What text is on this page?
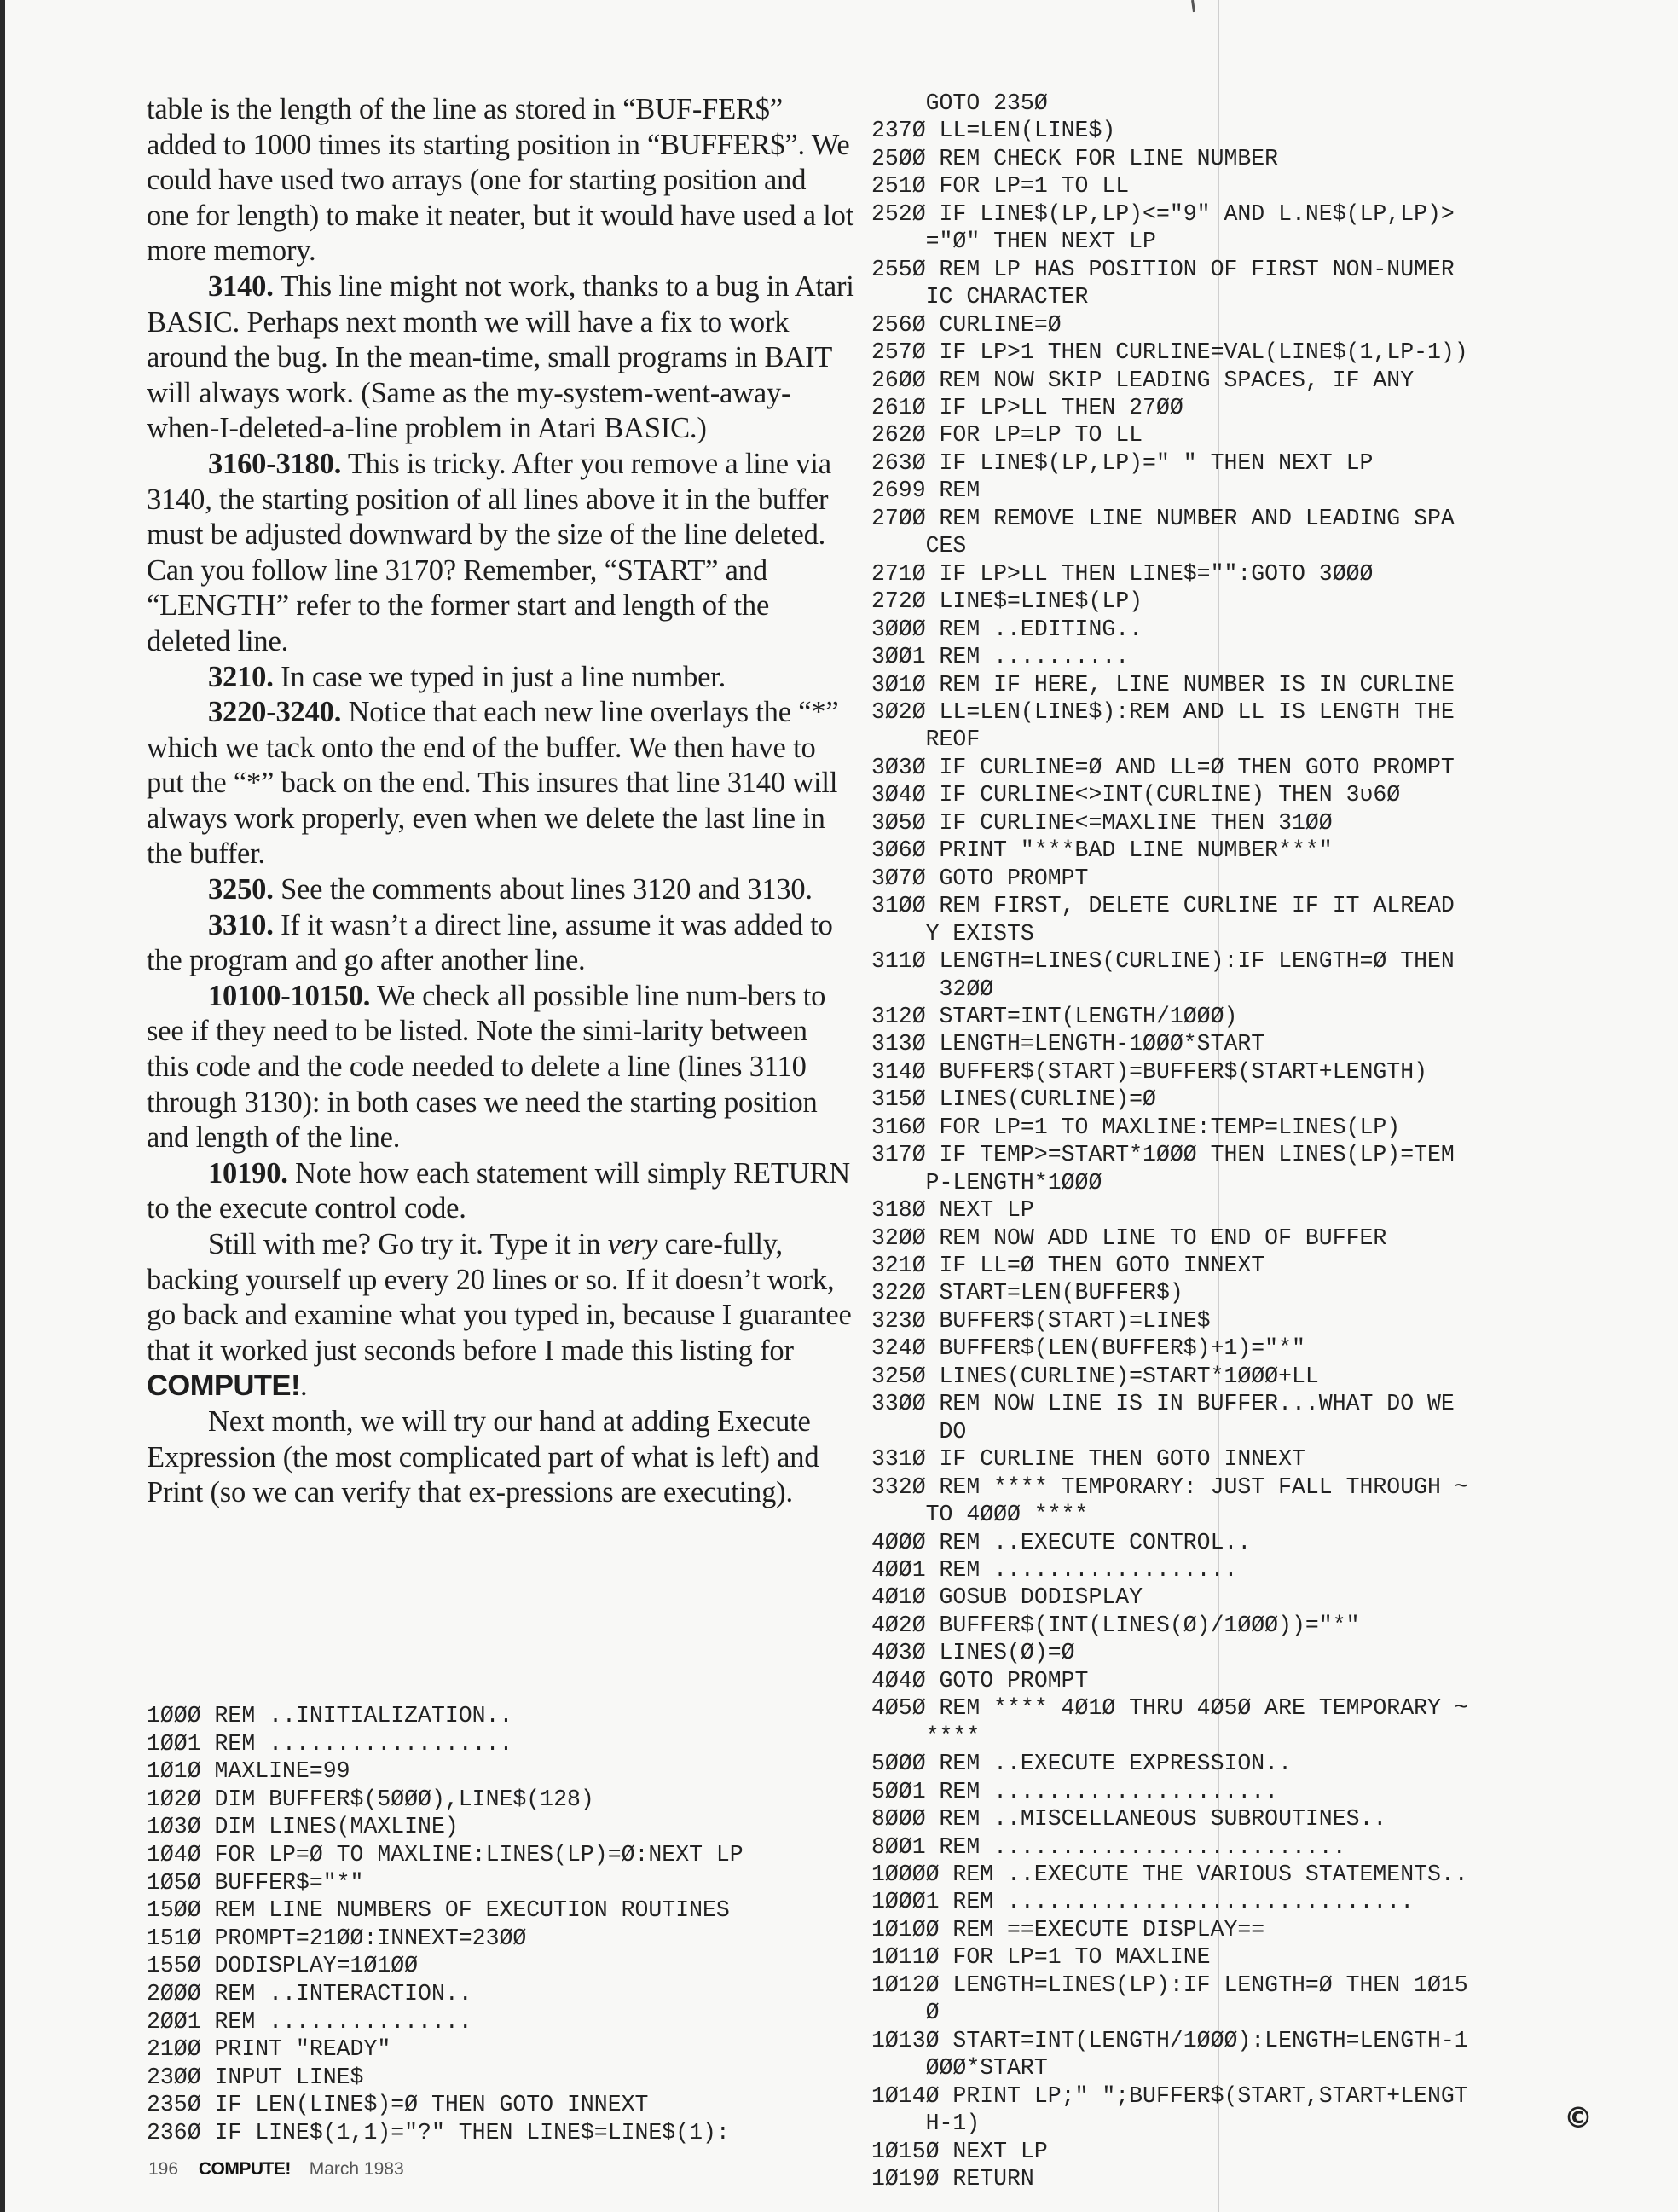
table is the length of the line as stored in “BUF-FER$” added to 1000 times its starting position in “BUFFER$”. We could have used two arrays (one for starting position and one for length) to make it neater, but it would have used a lot more memory.

3140. This line might not work, thanks to a bug in Atari BASIC. Perhaps next month we will have a fix to work around the bug. In the mean-time, small programs in BAIT will always work. (Same as the my-system-went-away-when-I-deleted-a-line problem in Atari BASIC.)

3160-3180. This is tricky. After you remove a line via 3140, the starting position of all lines above it in the buffer must be adjusted downward by the size of the line deleted. Can you follow line 3170? Remember, “START” and “LENGTH” refer to the former start and length of the deleted line.

3210. In case we typed in just a line number.

3220-3240. Notice that each new line overlays the “*” which we tack onto the end of the buffer. We then have to put the “*” back on the end. This insures that line 3140 will always work properly, even when we delete the last line in the buffer.

3250. See the comments about lines 3120 and 3130.

3310. If it wasn’t a direct line, assume it was added to the program and go after another line.

10100-10150. We check all possible line num-bers to see if they need to be listed. Note the simi-larity between this code and the code needed to delete a line (lines 3110 through 3130): in both cases we need the starting position and length of the line.

10190. Note how each statement will simply RETURN to the execute control code.

Still with me? Go try it. Type it in very care-fully, backing yourself up every 20 lines or so. If it doesn’t work, go back and examine what you typed in, because I guarantee that it worked just seconds before I made this listing for COMPUTE!.

Next month, we will try our hand at adding Execute Expression (the most complicated part of what is left) and Print (so we can verify that ex-pressions are executing).

1ØØØ REM ..INITIALIZATION..
1ØØ1 REM ..................
1Ø1Ø MAXLINE=99
1Ø2Ø DIM BUFFER$(5ØØØ),LINE$(128)
1Ø3Ø DIM LINES(MAXLINE)
1Ø4Ø FOR LP=Ø TO MAXLINE:LINES(LP)=Ø:NEXT LP
1Ø5Ø BUFFER$="*"
15ØØ REM LINE NUMBERS OF EXECUTION ROUTINES
151Ø PROMPT=21ØØ:INNEXT=23ØØ
155Ø DODISPLAY=1Ø1ØØ
2ØØØ REM ..INTERACTION..
2ØØ1 REM ...............
21ØØ PRINT "READY"
23ØØ INPUT LINE$
235Ø IF LEN(LINE$)=Ø THEN GOTO INNEXT
236Ø IF LINE$(1,1)="?" THEN LINE$=LINE$(1):
GOTO 235Ø
237Ø LL=LEN(LINE$)
25ØØ REM CHECK FOR LINE NUMBER
251Ø FOR LP=1 TO LL
252Ø IF LINE$(LP,LP)<="9" AND L.NE$(LP,LP)>
="Ø" THEN NEXT LP
255Ø REM LP HAS POSITION OF FIRST NON-NUMER
IC CHARACTER
256Ø CURLINE=Ø
257Ø IF LP>1 THEN CURLINE=VAL(LINE$(1,LP-1))
26ØØ REM NOW SKIP LEADING SPACES, IF ANY
261Ø IF LP>LL THEN 27ØØ
262Ø FOR LP=LP TO LL
263Ø IF LINE$(LP,LP)=" " THEN NEXT LP
2699 REM
27ØØ REM REMOVE LINE NUMBER AND LEADING SPA
CES
271Ø IF LP>LL THEN LINE$="":GOTO 3ØØØ
272Ø LINE$=LINE$(LP)
3ØØØ REM ..EDITING..
3ØØ1 REM ..........
3Ø1Ø REM IF HERE, LINE NUMBER IS IN CURLINE
3Ø2Ø LL=LEN(LINE$):REM AND LL IS LENGTH THE
REOF
3Ø3Ø IF CURLINE=Ø AND LL=Ø THEN GOTO PROMPT
3Ø4Ø IF CURLINE<>INT(CURLINE) THEN 3ʋ6Ø
3Ø5Ø IF CURLINE<=MAXLINE THEN 31ØØ
3Ø6Ø PRINT "***BAD LINE NUMBER***"
3Ø7Ø GOTO PROMPT
31ØØ REM FIRST, DELETE CURLINE IF IT ALREAD
Y EXISTS
311Ø LENGTH=LINES(CURLINE):IF LENGTH=Ø THEN
32ØØ
312Ø START=INT(LENGTH/1ØØØ)
313Ø LENGTH=LENGTH-1ØØØ*START
314Ø BUFFER$(START)=BUFFER$(START+LENGTH)
315Ø LINES(CURLINE)=Ø
316Ø FOR LP=1 TO MAXLINE:TEMP=LINES(LP)
317Ø IF TEMP>=START*1ØØØ THEN LINES(LP)=TEM
P-LENGTH*1ØØØ
318Ø NEXT LP
32ØØ REM NOW ADD LINE TO END OF BUFFER
321Ø IF LL=Ø THEN GOTO INNEXT
322Ø START=LEN(BUFFER$)
323Ø BUFFER$(START)=LINE$
324Ø BUFFER$(LEN(BUFFER$)+1)="*"
325Ø LINES(CURLINE)=START*1ØØØ+LL
33ØØ REM NOW LINE IS IN BUFFER...WHAT DO WE
DO
331Ø IF CURLINE THEN GOTO INNEXT
332Ø REM **** TEMPORARY: JUST FALL THROUGH ~
TO 4ØØØ ****
4ØØØ REM ..EXECUTE CONTROL..
4ØØ1 REM ..................
4Ø1Ø GOSUB DODISPLAY
4Ø2Ø BUFFER$(INT(LINES(Ø)/1ØØØ))="*"
4Ø3Ø LINES(Ø)=Ø
4Ø4Ø GOTO PROMPT
4Ø5Ø REM **** 4Ø1Ø THRU 4Ø5Ø ARE TEMPORARY ~
****
5ØØØ REM ..EXECUTE EXPRESSION..
5ØØ1 REM .....................
8ØØØ REM ..MISCELLANEOUS SUBROUTINES..
8ØØ1 REM ..........................
1ØØØØ REM ..EXECUTE THE VARIOUS STATEMENTS..
1ØØØ1 REM ..............................
1Ø1ØØ REM ==EXECUTE DISPLAY==
1Ø11Ø FOR LP=1 TO MAXLINE
1Ø12Ø LENGTH=LINES(LP):IF LENGTH=Ø THEN 1Ø15
Ø
1Ø13Ø START=INT(LENGTH/1ØØØ):LENGTH=LENGTH-1
ØØØ*START
1Ø14Ø PRINT LP;" ";BUFFER$(START,START+LENGT
H-1)
1Ø15Ø NEXT LP
1Ø19Ø RETURN
196 COMPUTE! March 1983
©
